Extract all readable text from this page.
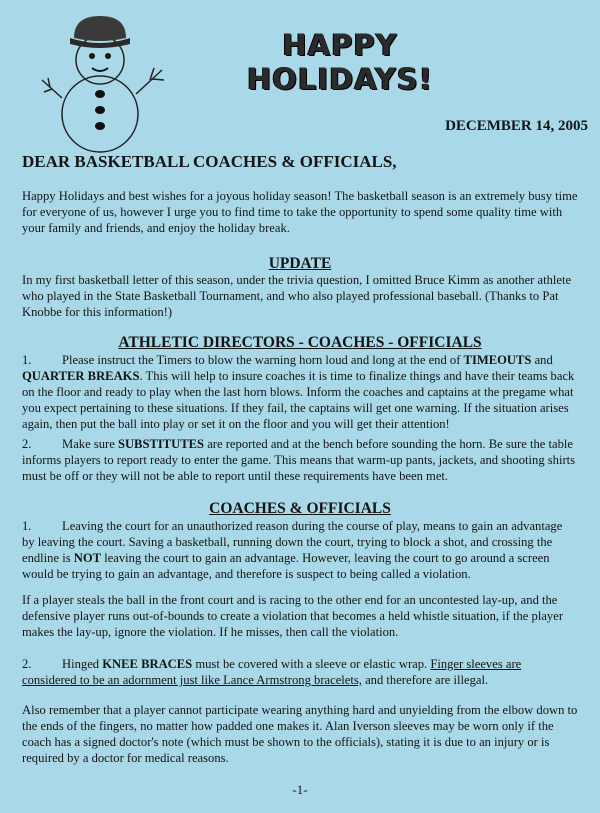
HAPPY HOLIDAYS!
DECEMBER 14, 2005
DEAR BASKETBALL COACHES & OFFICIALS,

Happy Holidays and best wishes for a joyous holiday season! The basketball season is an extremely busy time for everyone of us, however I urge you to find time to take the opportunity to spend some quality time with your family and friends, and enjoy the holiday break.

UPDATE

In my first basketball letter of this season, under the trivia question, I omitted Bruce Kimm as another athlete who played in the State Basketball Tournament, and who also played professional baseball. (Thanks to Pat Knobbe for this information!)

ATHLETIC DIRECTORS - COACHES - OFFICIALS

1. Please instruct the Timers to blow the warning horn loud and long at the end of TIMEOUTS and QUARTER BREAKS. This will help to insure coaches it is time to finalize things and have their teams back on the floor and ready to play when the last horn blows. Inform the coaches and captains at the pregame what you expect pertaining to these situations. If they fail, the captains will get one warning. If the situation arises again, then put the ball into play or set it on the floor and you will get their attention!

2. Make sure SUBSTITUTES are reported and at the bench before sounding the horn. Be sure the table informs players to report ready to enter the game. This means that warm-up pants, jackets, and shooting shirts must be off or they will not be able to report until these requirements have been met.

COACHES & OFFICIALS

1. Leaving the court for an unauthorized reason during the course of play, means to gain an advantage by leaving the court. Saving a basketball, running down the court, trying to block a shot, and crossing the endline is NOT leaving the court to gain an advantage. However, leaving the court to go around a screen would be trying to gain an advantage, and therefore is suspect to being called a violation.

If a player steals the ball in the front court and is racing to the other end for an uncontested lay-up, and the defensive player runs out-of-bounds to create a violation that becomes a held whistle situation, if the player makes the lay-up, ignore the violation. If he misses, then call the violation.

2. Hinged KNEE BRACES must be covered with a sleeve or elastic wrap. Finger sleeves are considered to be an adornment just like Lance Armstrong bracelets, and therefore are illegal.

Also remember that a player cannot participate wearing anything hard and unyielding from the elbow down to the ends of the fingers, no matter how padded one makes it. Alan Iverson sleeves may be worn only if the coach has a signed doctor's note (which must be shown to the officials), stating it is due to an injury or is required by a doctor for medical reasons.

-1-
